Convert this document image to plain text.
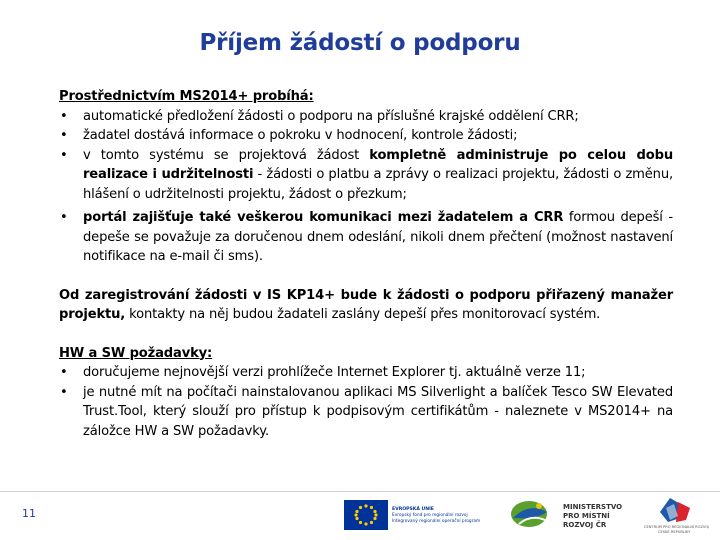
Příjem žádostí o podporu
Prostřednictvím MS2014+ probíhá:
• automatické předložení žádosti o podporu na příslušné krajské oddělení CRR;
• žadatel dostává informace o pokroku v hodnocení, kontrole žádosti;
• v tomto systému se projektová žádost kompletně administruje po celou dobu realizace i udržitelnosti - žádosti o platbu a zprávy o realizaci projektu, žádosti o změnu, hlášení o udržitelnosti projektu, žádost o přezkum;
• portál zajišťuje také veškerou komunikaci mezi žadatelem a CRR formou depeší - depeše se považuje za doručenou dnem odeslání, nikoli dnem přečtení (možnost nastavení notifikace na e-mail či sms).
Od zaregistrování žádosti v IS KP14+ bude k žádosti o podporu přiřazený manažer projektu, kontakty na něj budou žadateli zaslány depeší přes monitorovací systém.
HW a SW požadavky:
• doručujeme nejnovější verzi prohlížeče Internet Explorer tj. aktuálně verze 11;
• je nutné mít na počítači nainstalovanou aplikaci MS Silverlight a balíček Tesco SW Elevated Trust.Tool, který slouží pro přístup k podpisovým certifikátům - naleznete v MS2014+ na záložce HW a SW požadavky.
11	EVROPSKÁ UNIE
Evropský fond pro regionální rozvoj
Integrovaný regionální operační program
MINISTERSTVO
PRO MÍSTNÍ
ROZVOJ ČR	CENTRUM PRO REGIONÁLNÍ ROZVOJ
ČESKÉ REPUBLIKY
